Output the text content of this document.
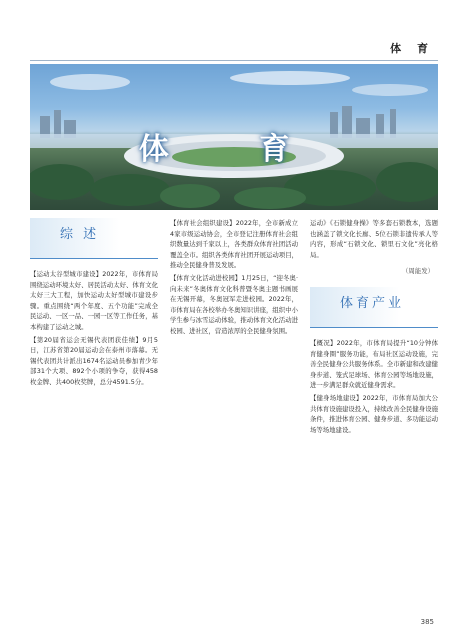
体 育
体 育
综 述

【运动太谷型城市建设】2022年，市体育局围绕运动环境太好、居民活动太好、体育文化太好三大工程，加快运动太好型城市建设步骤。重点围绕“两个年度、五个功能”完成全民运动、一区一品、一园一区等工作任务，基本构建了运动之城。

【第20届省运会无锡代表团获佳绩】9月5日，江苏省第20届运动会在泰州市落幕。无锡代表团共计派出1674名运动员参加青少年部31个大项、892个小项的争夺，获得458枚金牌、共400枚奖牌，总分4591.5分。

【体育社会组织建设】2022年，全市新成立4家市级运动协会，全市登记注册体育社会组织数量达到千家以上，各类群众体育社团活动覆盖全市。组织各类体育社团开展运动项目，推动全民健身普及发展。

【体育文化活动进校园】1月25日，“迎冬奥·向未来”冬奥体育文化科普暨冬奥主题书画展在无锡开幕，冬奥冠军走进校园。2022年，市体育局在各校举办冬奥知识讲座，组织中小学生参与冰雪运动体验，推动体育文化活动进校园、进社区，营造浓厚的全民健身氛围。

运动》《石锁健身操》等多套石锁教本，选题也涵盖了锁文化长廊、5位石锁非遗传承人等内容，形成“石锁文化、锁里石文化”亮化格局。

（周能发）
体育产业

【概况】2022年，市体育局提升“10分钟体育健身圈”服务功能，布局社区运动设施，完善全民健身公共服务体系。全市新建和改建健身步道、笼式足球场、体育公园等场地设施，进一步满足群众就近健身需求。

【健身场地建设】2022年，市体育局加大公共体育设施建设投入，持续改善全民健身设施条件，推进体育公园、健身步道、多功能运动场等场地建设。

385
